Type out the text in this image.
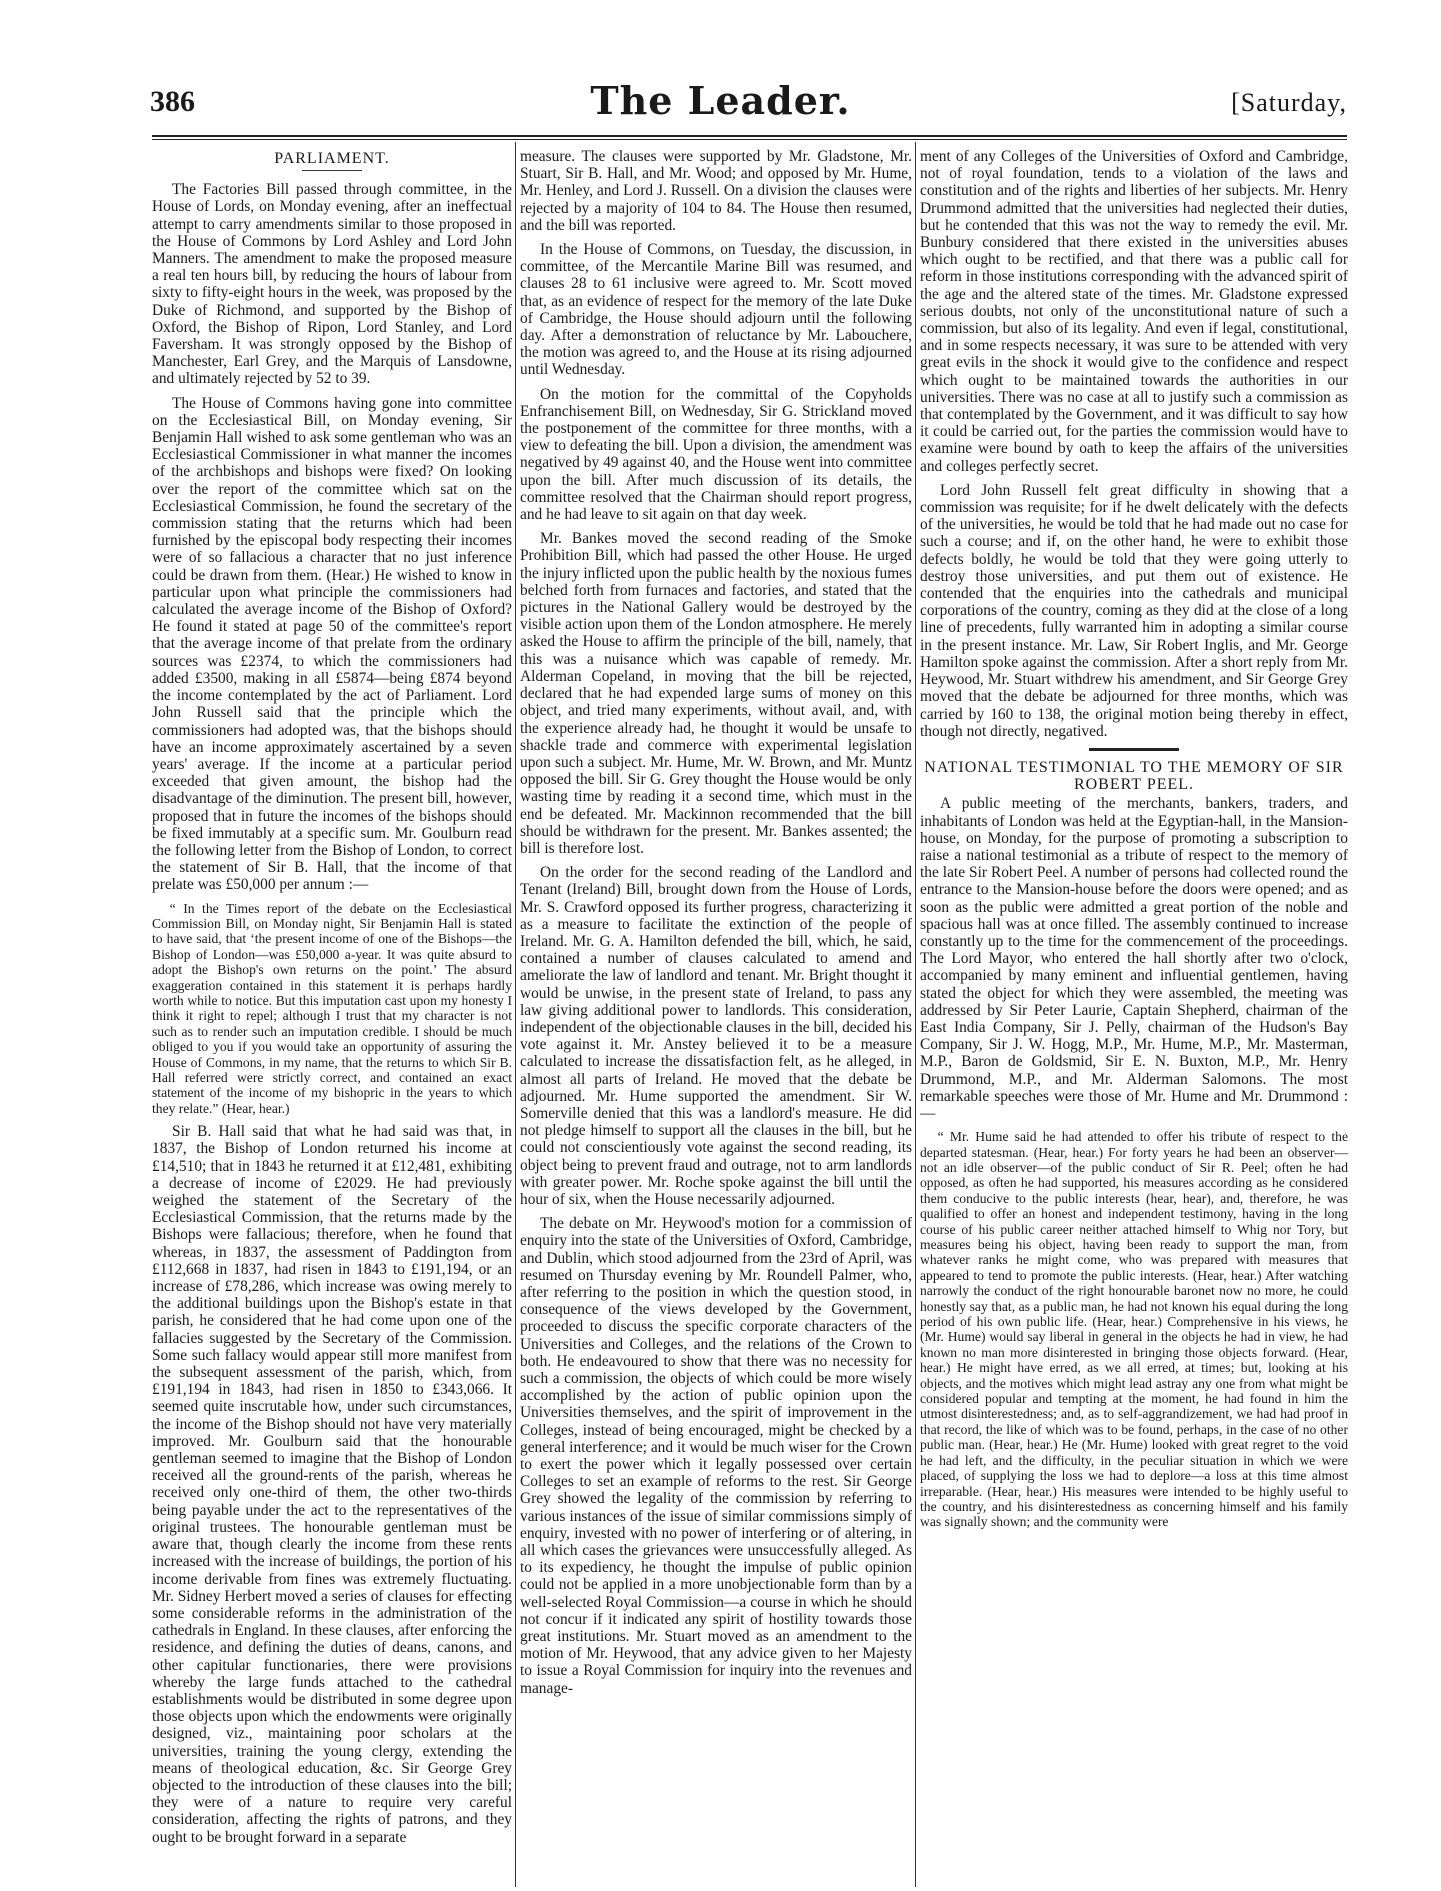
386	The Leader.	[Saturday,

PARLIAMENT.

The Factories Bill passed through committee, in the House of Lords, on Monday evening, after an ineffectual attempt to carry amendments similar to those proposed in the House of Commons by Lord Ashley and Lord John Manners. The amendment to make the proposed measure a real ten hours bill, by reducing the hours of labour from sixty to fifty-eight hours in the week, was proposed by the Duke of Richmond, and supported by the Bishop of Oxford, the Bishop of Ripon, Lord Stanley, and Lord Faversham. It was strongly opposed by the Bishop of Manchester, Earl Grey, and the Marquis of Lansdowne, and ultimately rejected by 52 to 39.

The House of Commons having gone into committee on the Ecclesiastical Bill, on Monday evening, Sir Benjamin Hall wished to ask some gentleman who was an Ecclesiastical Commissioner in what manner the incomes of the archbishops and bishops were fixed? On looking over the report of the committee which sat on the Ecclesiastical Commission, he found the secretary of the commission stating that the returns which had been furnished by the episcopal body respecting their incomes were of so fallacious a character that no just inference could be drawn from them. (Hear.) He wished to know in particular upon what principle the commissioners had calculated the average income of the Bishop of Oxford? He found it stated at page 50 of the committee's report that the average income of that prelate from the ordinary sources was £2374, to which the commissioners had added £3500, making in all £5874—being £874 beyond the income contemplated by the act of Parliament. Lord John Russell said that the principle which the commissioners had adopted was, that the bishops should have an income approximately ascertained by a seven years' average. If the income at a particular period exceeded that given amount, the bishop had the disadvantage of the diminution. The present bill, however, proposed that in future the incomes of the bishops should be fixed immutably at a specific sum. Mr. Goulburn read the following letter from the Bishop of London, to correct the statement of Sir B. Hall, that the income of that prelate was £50,000 per annum :—

“ In the Times report of the debate on the Ecclesiastical Commission Bill, on Monday night, Sir Benjamin Hall is stated to have said, that ‘the present income of one of the Bishops—the Bishop of London—was £50,000 a-year. It was quite absurd to adopt the Bishop's own returns on the point.’ The absurd exaggeration contained in this statement it is perhaps hardly worth while to notice. But this imputation cast upon my honesty I think it right to repel; although I trust that my character is not such as to render such an imputation credible. I should be much obliged to you if you would take an opportunity of assuring the House of Commons, in my name, that the returns to which Sir B. Hall referred were strictly correct, and contained an exact statement of the income of my bishopric in the years to which they relate.” (Hear, hear.)

Sir B. Hall said that what he had said was that, in 1837, the Bishop of London returned his income at £14,510; that in 1843 he returned it at £12,481, exhibiting a decrease of income of £2029. He had previously weighed the statement of the Secretary of the Ecclesiastical Commission, that the returns made by the Bishops were fallacious; therefore, when he found that whereas, in 1837, the assessment of Paddington from £112,668 in 1837, had risen in 1843 to £191,194, or an increase of £78,286, which increase was owing merely to the additional buildings upon the Bishop's estate in that parish, he considered that he had come upon one of the fallacies suggested by the Secretary of the Commission. Some such fallacy would appear still more manifest from the subsequent assessment of the parish, which, from £191,194 in 1843, had risen in 1850 to £343,066. It seemed quite inscrutable how, under such circumstances, the income of the Bishop should not have very materially improved. Mr. Goulburn said that the honourable gentleman seemed to imagine that the Bishop of London received all the ground-rents of the parish, whereas he received only one-third of them, the other two-thirds being payable under the act to the representatives of the original trustees. The honourable gentleman must be aware that, though clearly the income from these rents increased with the increase of buildings, the portion of his income derivable from fines was extremely fluctuating. Mr. Sidney Herbert moved a series of clauses for effecting some considerable reforms in the administration of the cathedrals in England. In these clauses, after enforcing the residence, and defining the duties of deans, canons, and other capitular functionaries, there were provisions whereby the large funds attached to the cathedral establishments would be distributed in some degree upon those objects upon which the endowments were originally designed, viz., maintaining poor scholars at the universities, training the young clergy, extending the means of theological education, &c. Sir George Grey objected to the introduction of these clauses into the bill; they were of a nature to require very careful consideration, affecting the rights of patrons, and they ought to be brought forward in a separate

measure. The clauses were supported by Mr. Gladstone, Mr. Stuart, Sir B. Hall, and Mr. Wood; and opposed by Mr. Hume, Mr. Henley, and Lord J. Russell. On a division the clauses were rejected by a majority of 104 to 84. The House then resumed, and the bill was reported.

In the House of Commons, on Tuesday, the discussion, in committee, of the Mercantile Marine Bill was resumed, and clauses 28 to 61 inclusive were agreed to. Mr. Scott moved that, as an evidence of respect for the memory of the late Duke of Cambridge, the House should adjourn until the following day. After a demonstration of reluctance by Mr. Labouchere, the motion was agreed to, and the House at its rising adjourned until Wednesday.

On the motion for the committal of the Copyholds Enfranchisement Bill, on Wednesday, Sir G. Strickland moved the postponement of the committee for three months, with a view to defeating the bill. Upon a division, the amendment was negatived by 49 against 40, and the House went into committee upon the bill. After much discussion of its details, the committee resolved that the Chairman should report progress, and he had leave to sit again on that day week.

Mr. Bankes moved the second reading of the Smoke Prohibition Bill, which had passed the other House. He urged the injury inflicted upon the public health by the noxious fumes belched forth from furnaces and factories, and stated that the pictures in the National Gallery would be destroyed by the visible action upon them of the London atmosphere. He merely asked the House to affirm the principle of the bill, namely, that this was a nuisance which was capable of remedy. Mr. Alderman Copeland, in moving that the bill be rejected, declared that he had expended large sums of money on this object, and tried many experiments, without avail, and, with the experience already had, he thought it would be unsafe to shackle trade and commerce with experimental legislation upon such a subject. Mr. Hume, Mr. W. Brown, and Mr. Muntz opposed the bill. Sir G. Grey thought the House would be only wasting time by reading it a second time, which must in the end be defeated. Mr. Mackinnon recommended that the bill should be withdrawn for the present. Mr. Bankes assented; the bill is therefore lost.

On the order for the second reading of the Landlord and Tenant (Ireland) Bill, brought down from the House of Lords, Mr. S. Crawford opposed its further progress, characterizing it as a measure to facilitate the extinction of the people of Ireland. Mr. G. A. Hamilton defended the bill, which, he said, contained a number of clauses calculated to amend and ameliorate the law of landlord and tenant. Mr. Bright thought it would be unwise, in the present state of Ireland, to pass any law giving additional power to landlords. This consideration, independent of the objectionable clauses in the bill, decided his vote against it. Mr. Anstey believed it to be a measure calculated to increase the dissatisfaction felt, as he alleged, in almost all parts of Ireland. He moved that the debate be adjourned. Mr. Hume supported the amendment. Sir W. Somerville denied that this was a landlord's measure. He did not pledge himself to support all the clauses in the bill, but he could not conscientiously vote against the second reading, its object being to prevent fraud and outrage, not to arm landlords with greater power. Mr. Roche spoke against the bill until the hour of six, when the House necessarily adjourned.

The debate on Mr. Heywood's motion for a commission of enquiry into the state of the Universities of Oxford, Cambridge, and Dublin, which stood adjourned from the 23rd of April, was resumed on Thursday evening by Mr. Roundell Palmer, who, after referring to the position in which the question stood, in consequence of the views developed by the Government, proceeded to discuss the specific corporate characters of the Universities and Colleges, and the relations of the Crown to both. He endeavoured to show that there was no necessity for such a commission, the objects of which could be more wisely accomplished by the action of public opinion upon the Universities themselves, and the spirit of improvement in the Colleges, instead of being encouraged, might be checked by a general interference; and it would be much wiser for the Crown to exert the power which it legally possessed over certain Colleges to set an example of reforms to the rest. Sir George Grey showed the legality of the commission by referring to various instances of the issue of similar commissions simply of enquiry, invested with no power of interfering or of altering, in all which cases the grievances were unsuccessfully alleged. As to its expediency, he thought the impulse of public opinion could not be applied in a more unobjectionable form than by a well-selected Royal Commission—a course in which he should not concur if it indicated any spirit of hostility towards those great institutions. Mr. Stuart moved as an amendment to the motion of Mr. Heywood, that any advice given to her Majesty to issue a Royal Commission for inquiry into the revenues and manage-

ment of any Colleges of the Universities of Oxford and Cambridge, not of royal foundation, tends to a violation of the laws and constitution and of the rights and liberties of her subjects. Mr. Henry Drummond admitted that the universities had neglected their duties, but he contended that this was not the way to remedy the evil. Mr. Bunbury considered that there existed in the universities abuses which ought to be rectified, and that there was a public call for reform in those institutions corresponding with the advanced spirit of the age and the altered state of the times. Mr. Gladstone expressed serious doubts, not only of the unconstitutional nature of such a commission, but also of its legality. And even if legal, constitutional, and in some respects necessary, it was sure to be attended with very great evils in the shock it would give to the confidence and respect which ought to be maintained towards the authorities in our universities. There was no case at all to justify such a commission as that contemplated by the Government, and it was difficult to say how it could be carried out, for the parties the commission would have to examine were bound by oath to keep the affairs of the universities and colleges perfectly secret.

Lord John Russell felt great difficulty in showing that a commission was requisite; for if he dwelt delicately with the defects of the universities, he would be told that he had made out no case for such a course; and if, on the other hand, he were to exhibit those defects boldly, he would be told that they were going utterly to destroy those universities, and put them out of existence. He contended that the enquiries into the cathedrals and municipal corporations of the country, coming as they did at the close of a long line of precedents, fully warranted him in adopting a similar course in the present instance. Mr. Law, Sir Robert Inglis, and Mr. George Hamilton spoke against the commission. After a short reply from Mr. Heywood, Mr. Stuart withdrew his amendment, and Sir George Grey moved that the debate be adjourned for three months, which was carried by 160 to 138, the original motion being thereby in effect, though not directly, negatived.

NATIONAL TESTIMONIAL TO THE MEMORY OF SIR ROBERT PEEL.

A public meeting of the merchants, bankers, traders, and inhabitants of London was held at the Egyptian-hall, in the Mansion-house, on Monday, for the purpose of promoting a subscription to raise a national testimonial as a tribute of respect to the memory of the late Sir Robert Peel. A number of persons had collected round the entrance to the Mansion-house before the doors were opened; and as soon as the public were admitted a great portion of the noble and spacious hall was at once filled. The assembly continued to increase constantly up to the time for the commencement of the proceedings. The Lord Mayor, who entered the hall shortly after two o'clock, accompanied by many eminent and influential gentlemen, having stated the object for which they were assembled, the meeting was addressed by Sir Peter Laurie, Captain Shepherd, chairman of the East India Company, Sir J. Pelly, chairman of the Hudson's Bay Company, Sir J. W. Hogg, M.P., Mr. Hume, M.P., Mr. Masterman, M.P., Baron de Goldsmid, Sir E. N. Buxton, M.P., Mr. Henry Drummond, M.P., and Mr. Alderman Salomons. The most remarkable speeches were those of Mr. Hume and Mr. Drummond :—

“ Mr. Hume said he had attended to offer his tribute of respect to the departed statesman. (Hear, hear.) For forty years he had been an observer—not an idle observer—of the public conduct of Sir R. Peel; often he had opposed, as often he had supported, his measures according as he considered them conducive to the public interests (hear, hear), and, therefore, he was qualified to offer an honest and independent testimony, having in the long course of his public career neither attached himself to Whig nor Tory, but measures being his object, having been ready to support the man, from whatever ranks he might come, who was prepared with measures that appeared to tend to promote the public interests. (Hear, hear.) After watching narrowly the conduct of the right honourable baronet now no more, he could honestly say that, as a public man, he had not known his equal during the long period of his own public life. (Hear, hear.) Comprehensive in his views, he (Mr. Hume) would say liberal in general in the objects he had in view, he had known no man more disinterested in bringing those objects forward. (Hear, hear.) He might have erred, as we all erred, at times; but, looking at his objects, and the motives which might lead astray any one from what might be considered popular and tempting at the moment, he had found in him the utmost disinterestedness; and, as to self-aggrandizement, we had had proof in that record, the like of which was to be found, perhaps, in the case of no other public man. (Hear, hear.) He (Mr. Hume) looked with great regret to the void he had left, and the difficulty, in the peculiar situation in which we were placed, of supplying the loss we had to deplore—a loss at this time almost irreparable. (Hear, hear.) His measures were intended to be highly useful to the country, and his disinterestedness as concerning himself and his family was signally shown; and the community were
